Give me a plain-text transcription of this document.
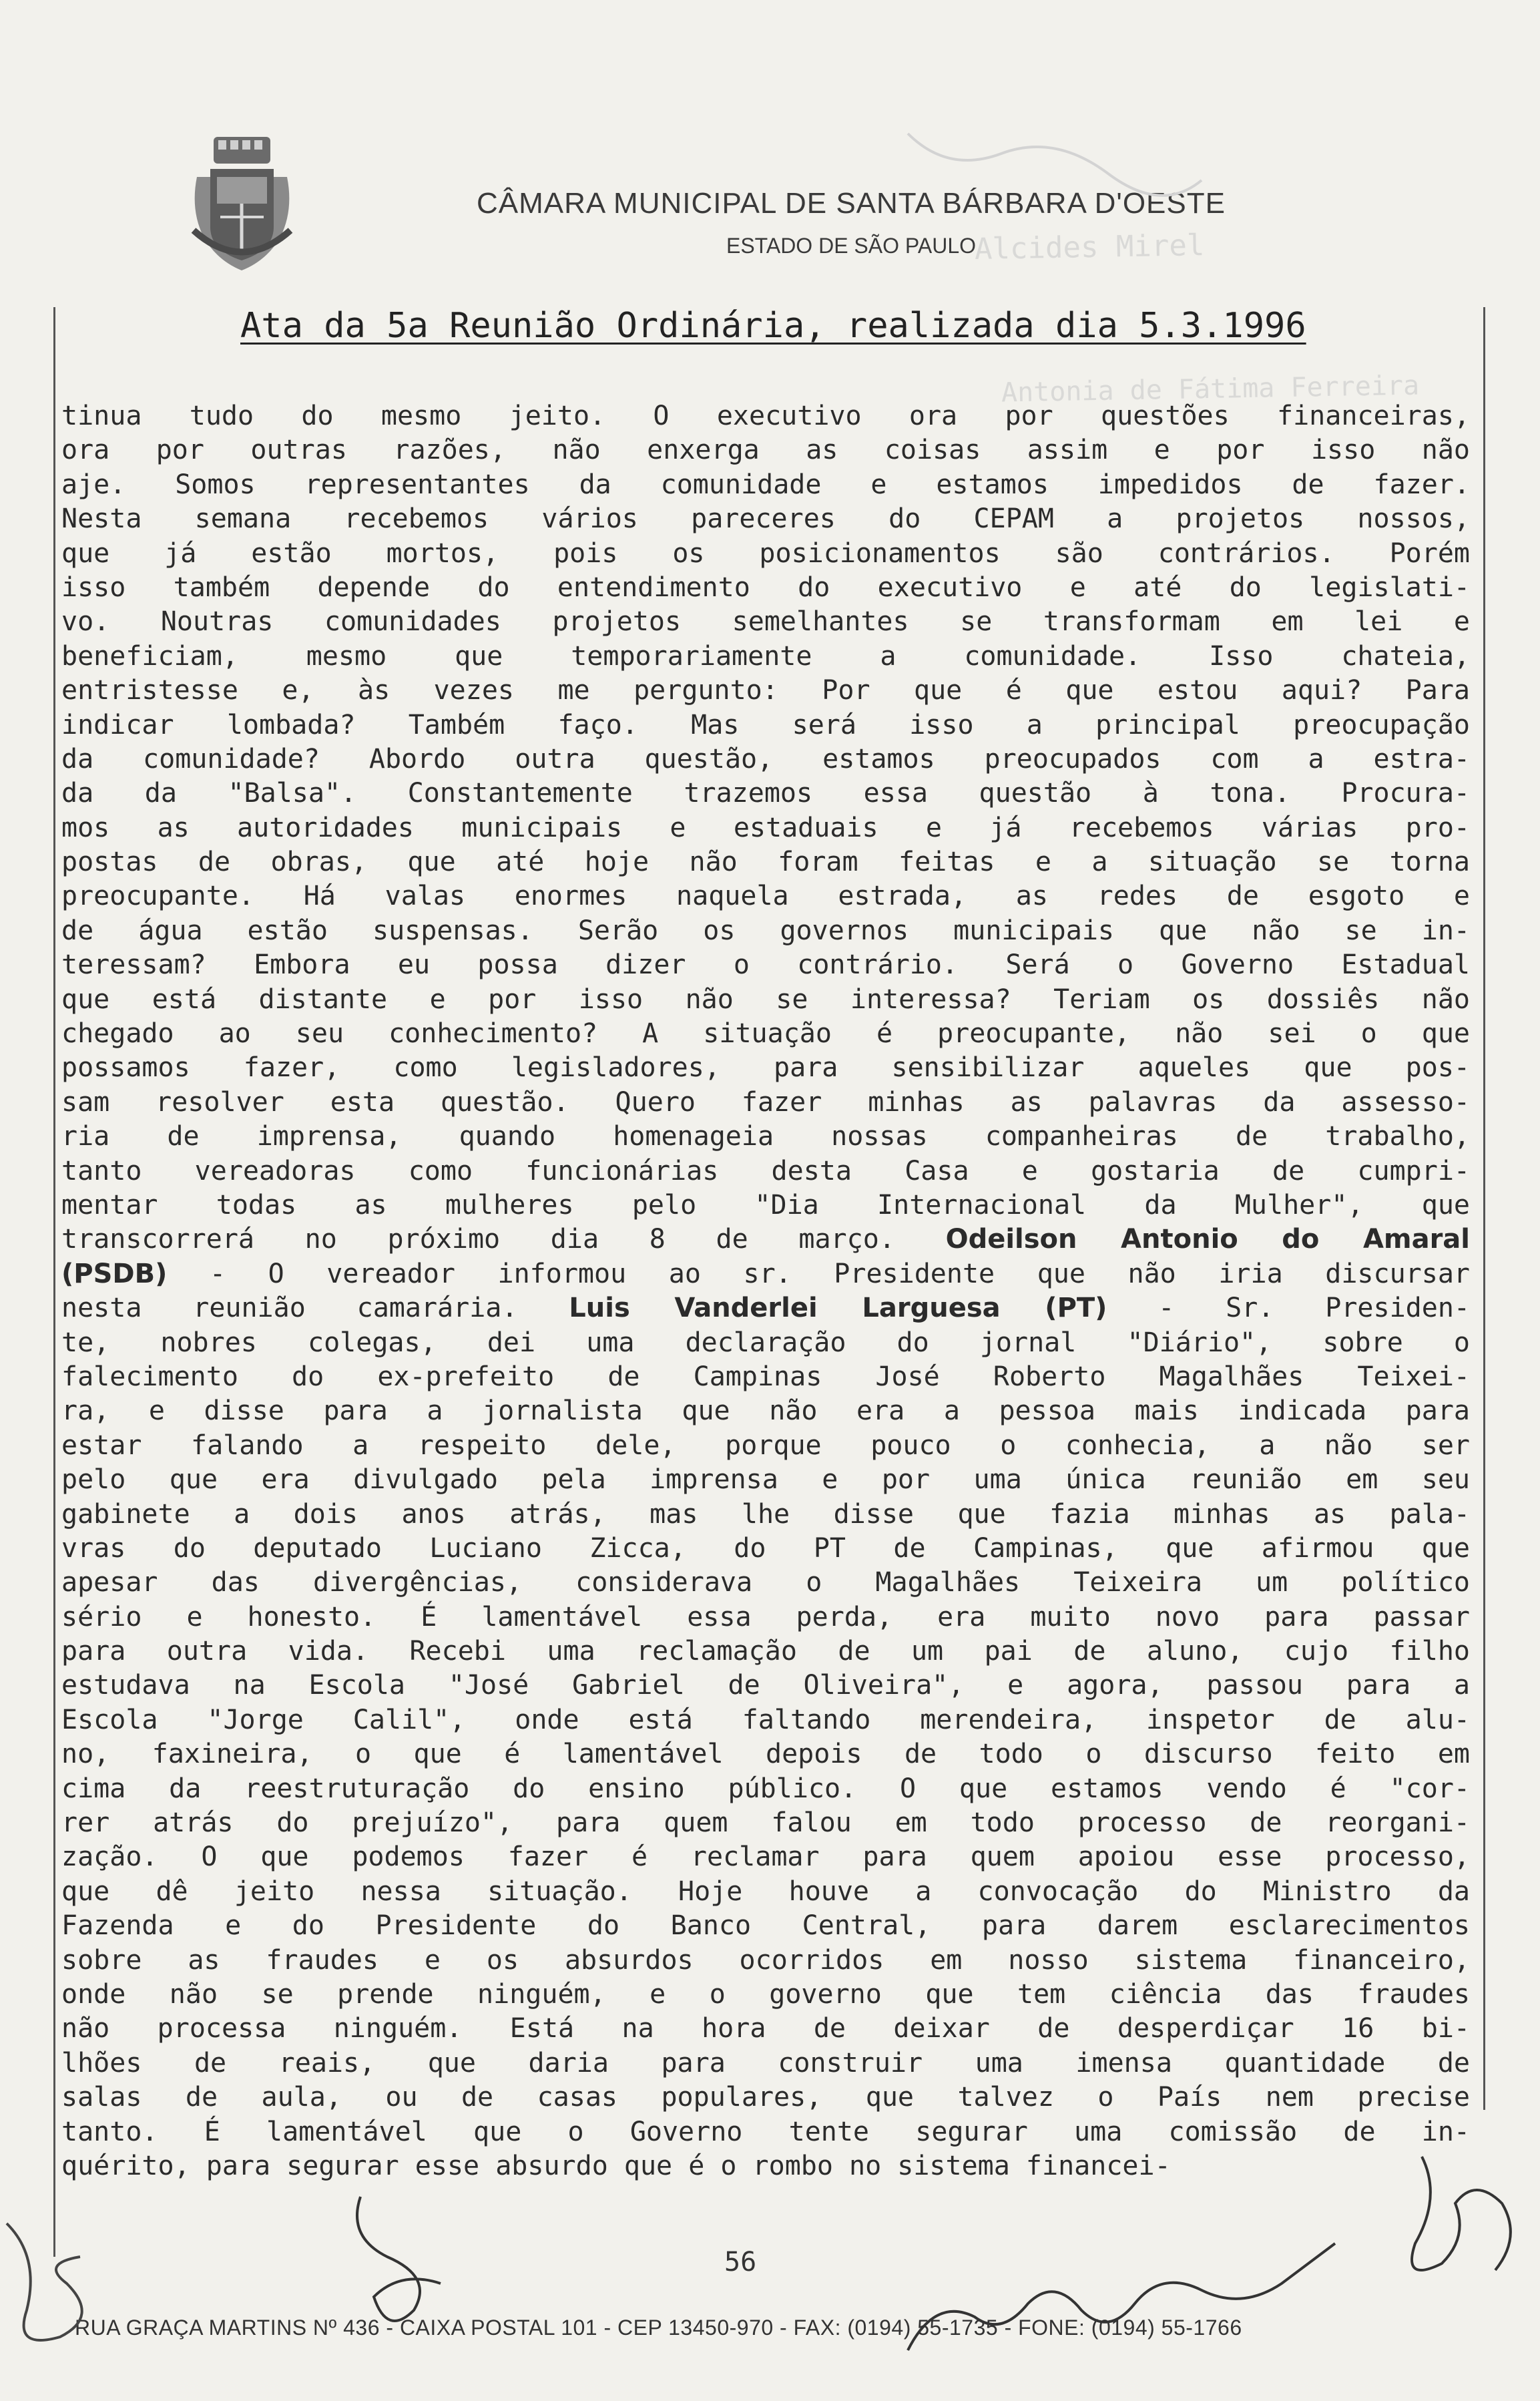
CÂMARA MUNICIPAL DE SANTA BÁRBARA D'OESTE
ESTADO DE SÃO PAULO
Alcides Mirel
Antonia de Fátima Ferreira
Ata da 5a Reunião Ordinária, realizada dia 5.3.1996
tinua tudo do mesmo jeito. O executivo ora por questões financeiras,
ora por outras razões, não enxerga as coisas assim e por isso não
aje. Somos representantes da comunidade e estamos impedidos de fazer.
Nesta semana recebemos vários pareceres do CEPAM a projetos nossos,
que já estão mortos, pois os posicionamentos são contrários. Porém
isso também depende do entendimento do executivo e até do legislati-
vo. Noutras comunidades projetos semelhantes se transformam em lei e
beneficiam, mesmo que temporariamente a comunidade. Isso chateia,
entristesse e, às vezes me pergunto: Por que é que estou aqui? Para
indicar lombada? Também faço. Mas será isso a principal preocupação
da comunidade? Abordo outra questão, estamos preocupados com a estra-
da da "Balsa". Constantemente trazemos essa questão à tona. Procura-
mos as autoridades municipais e estaduais e já recebemos várias pro-
postas de obras, que até hoje não foram feitas e a situação se torna
preocupante. Há valas enormes naquela estrada, as redes de esgoto e
de água estão suspensas. Serão os governos municipais que não se in-
teressam? Embora eu possa dizer o contrário. Será o Governo Estadual
que está distante e por isso não se interessa? Teriam os dossiês não
chegado ao seu conhecimento? A situação é preocupante, não sei o que
possamos fazer, como legisladores, para sensibilizar aqueles que pos-
sam resolver esta questão. Quero fazer minhas as palavras da assesso-
ria de imprensa, quando homenageia nossas companheiras de trabalho,
tanto vereadoras como funcionárias desta Casa e gostaria de cumpri-
mentar todas as mulheres pelo "Dia Internacional da Mulher", que
transcorrerá no próximo dia 8 de março. Odeilson Antonio do Amaral
(PSDB) - O vereador informou ao sr. Presidente que não iria discursar
nesta reunião camarária. Luis Vanderlei Larguesa (PT) - Sr. Presiden-
te, nobres colegas, dei uma declaração do jornal "Diário", sobre o
falecimento do ex-prefeito de Campinas José Roberto Magalhães Teixei-
ra, e disse para a jornalista que não era a pessoa mais indicada para
estar falando a respeito dele, porque pouco o conhecia, a não ser
pelo que era divulgado pela imprensa e por uma única reunião em seu
gabinete a dois anos atrás, mas lhe disse que fazia minhas as pala-
vras do deputado Luciano Zicca, do PT de Campinas, que afirmou que
apesar das divergências, considerava o Magalhães Teixeira um político
sério e honesto. É lamentável essa perda, era muito novo para passar
para outra vida. Recebi uma reclamação de um pai de aluno, cujo filho
estudava na Escola "José Gabriel de Oliveira", e agora, passou para a
Escola "Jorge Calil", onde está faltando merendeira, inspetor de alu-
no, faxineira, o que é lamentável depois de todo o discurso feito em
cima da reestruturação do ensino público. O que estamos vendo é "cor-
rer atrás do prejuízo", para quem falou em todo processo de reorgani-
zação. O que podemos fazer é reclamar para quem apoiou esse processo,
que dê jeito nessa situação. Hoje houve a convocação do Ministro da
Fazenda e do Presidente do Banco Central, para darem esclarecimentos
sobre as fraudes e os absurdos ocorridos em nosso sistema financeiro,
onde não se prende ninguém, e o governo que tem ciência das fraudes
não processa ninguém. Está na hora de deixar de desperdiçar 16 bi-
lhões de reais, que daria para construir uma imensa quantidade de
salas de aula, ou de casas populares, que talvez o País nem precise
tanto. É lamentável que o Governo tente segurar uma comissão de in-
quérito, para segurar esse absurdo que é o rombo no sistema financei-
56
RUA GRAÇA MARTINS Nº 436 - CAIXA POSTAL 101 - CEP 13450-970 - FAX: (0194) 55-1735 - FONE: (0194) 55-1766
